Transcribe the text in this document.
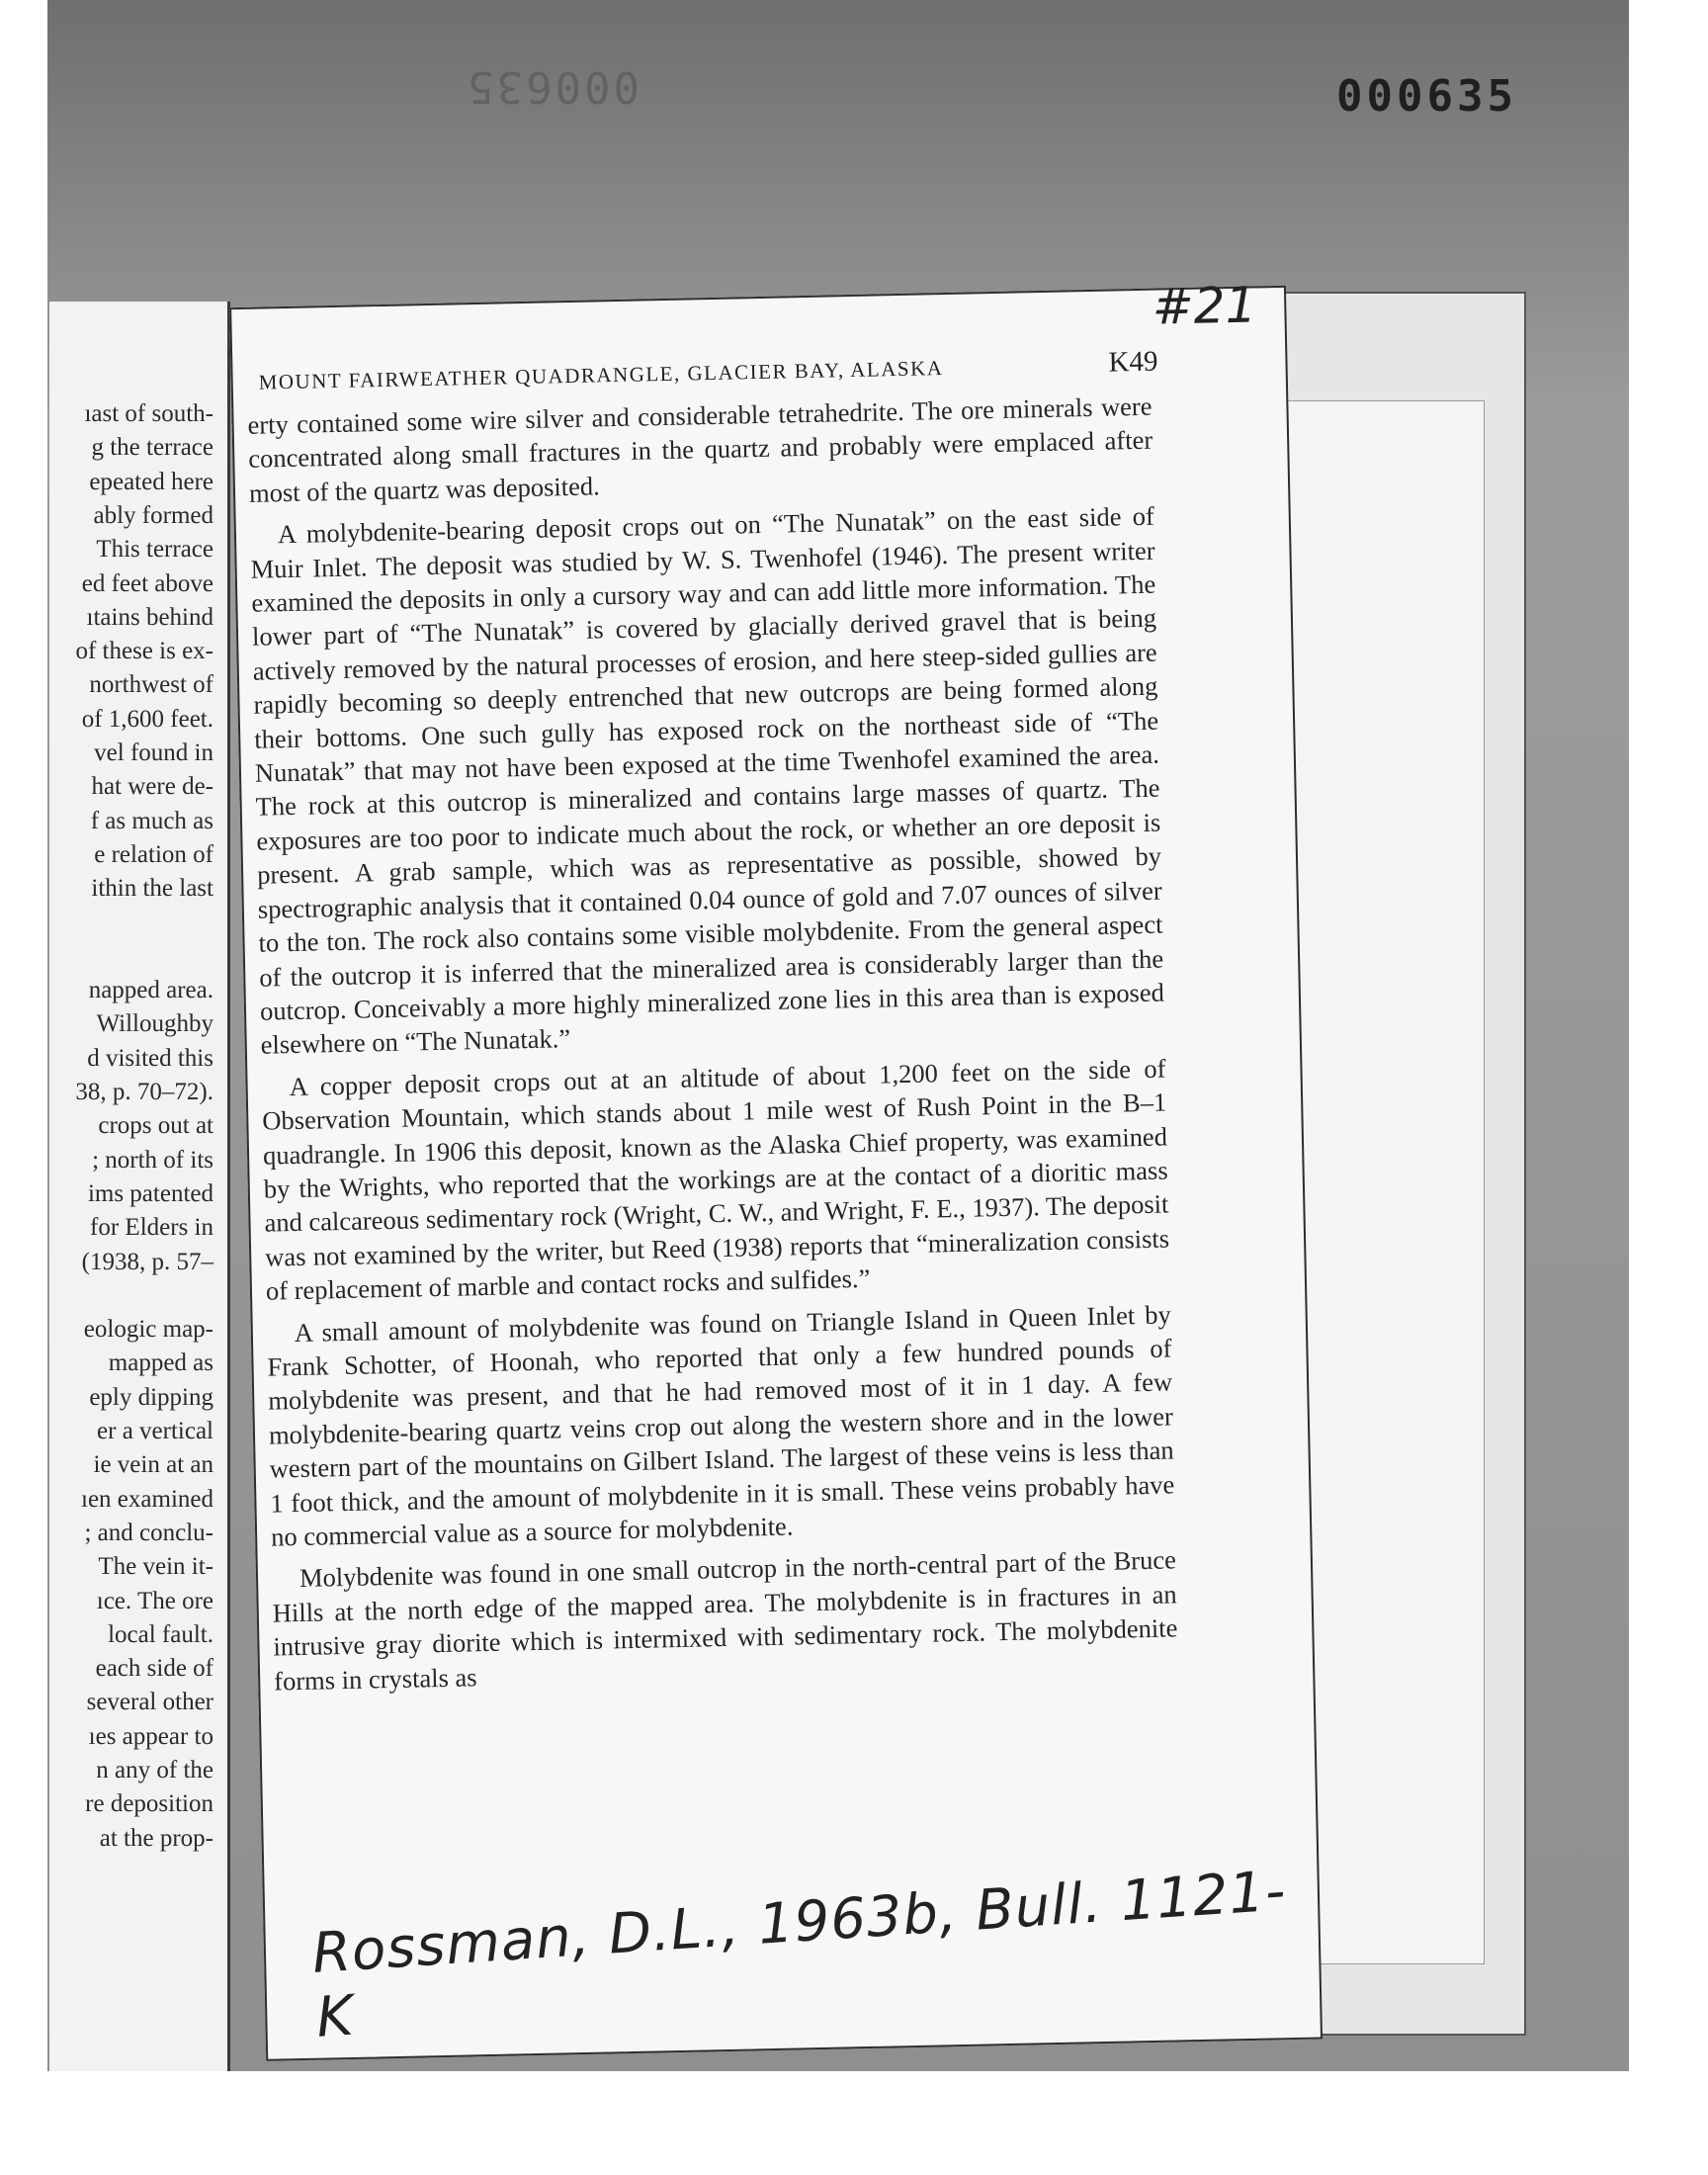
000635	000635
ıast of south-
g the terrace
epeated here
ably formed
This terrace
ed feet above
ıtains behind
of these is ex-
northwest of
of 1,600 feet.
vel found in
hat were de-
f as much as
e relation of
ithin the last
napped area.
Willoughby
d visited this
38, p. 70–72).
crops out at
; north of its
ims patented
for Elders in
(1938, p. 57–
eologic map-
mapped as
eply dipping
er a vertical
ie vein at an
ıen examined
; and conclu-
The vein it-
ıce. The ore
local fault.
each side of
several other
ıes appear to
n any of the
re deposition
at the prop-
#21
MOUNT FAIRWEATHER QUADRANGLE, GLACIER BAY, ALASKA	K49

erty contained some wire silver and considerable tetrahedrite. The ore minerals were concentrated along small fractures in the quartz and probably were emplaced after most of the quartz was deposited.

A molybdenite-bearing deposit crops out on “The Nunatak” on the east side of Muir Inlet. The deposit was studied by W. S. Twenhofel (1946). The present writer examined the deposits in only a cursory way and can add little more information. The lower part of “The Nunatak” is covered by glacially derived gravel that is being actively removed by the natural processes of erosion, and here steep-sided gullies are rapidly becoming so deeply entrenched that new outcrops are being formed along their bottoms. One such gully has exposed rock on the northeast side of “The Nunatak” that may not have been exposed at the time Twenhofel examined the area. The rock at this outcrop is mineralized and contains large masses of quartz. The exposures are too poor to indicate much about the rock, or whether an ore deposit is present. A grab sample, which was as representative as possible, showed by spectrographic analysis that it contained 0.04 ounce of gold and 7.07 ounces of silver to the ton. The rock also contains some visible molybdenite. From the general aspect of the outcrop it is inferred that the mineralized area is considerably larger than the outcrop. Conceivably a more highly mineralized zone lies in this area than is exposed elsewhere on “The Nunatak.”

A copper deposit crops out at an altitude of about 1,200 feet on the side of Observation Mountain, which stands about 1 mile west of Rush Point in the B–1 quadrangle. In 1906 this deposit, known as the Alaska Chief property, was examined by the Wrights, who reported that the workings are at the contact of a dioritic mass and calcareous sedimentary rock (Wright, C. W., and Wright, F. E., 1937). The deposit was not examined by the writer, but Reed (1938) reports that “mineralization consists of replacement of marble and contact rocks and sulfides.”

A small amount of molybdenite was found on Triangle Island in Queen Inlet by Frank Schotter, of Hoonah, who reported that only a few hundred pounds of molybdenite was present, and that he had removed most of it in 1 day. A few molybdenite-bearing quartz veins crop out along the western shore and in the lower western part of the mountains on Gilbert Island. The largest of these veins is less than 1 foot thick, and the amount of molybdenite in it is small. These veins probably have no commercial value as a source for molybdenite.

Molybdenite was found in one small outcrop in the north-central part of the Bruce Hills at the north edge of the mapped area. The molybdenite is in fractures in an intrusive gray diorite which is intermixed with sedimentary rock. The molybdenite forms in crystals as

Rossman, D.L., 1963b, Bull. 1121-K
